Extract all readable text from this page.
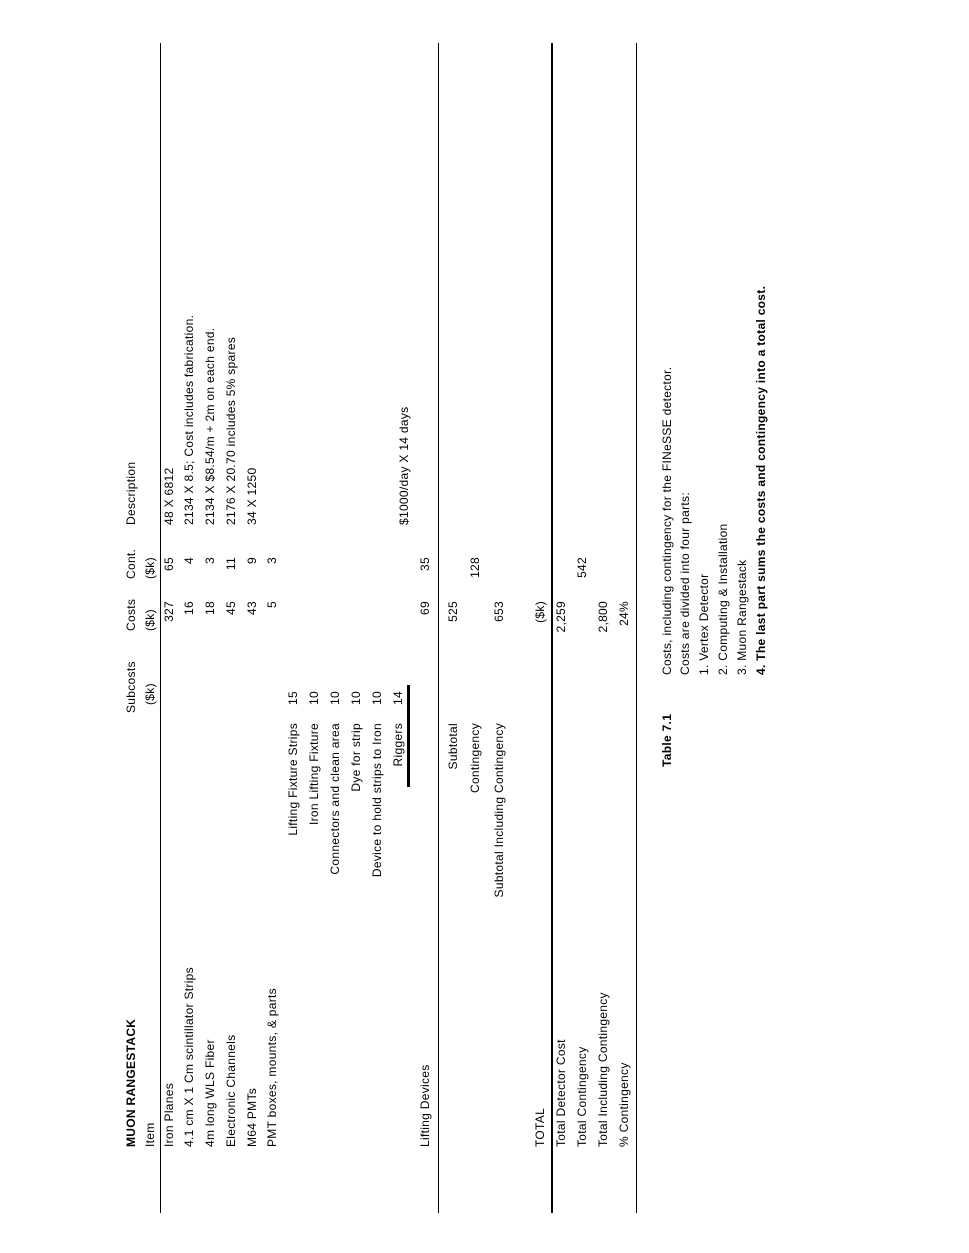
MUON RANGESTACK
Subcosts
Costs
Cont.
Description
Item
($k)
($k)
($k)
Iron Planes
327
65
48 X 6812
4.1 cm X 1 Cm scintillator Strips
16
4
2134 X 8.5; Cost includes fabrication.
4m long WLS Fiber
18
3
2134 X $8.54/m + 2m on each end.
Electronic Channels
45
11
2176 X 20.70 includes 5% spares
M64 PMTs
43
9
34 X 1250
PMT boxes, mounts, & parts
5
3
Lifting Fixture Strips
15
Iron Lifting Fixture
10
Connectors and clean area
10
Dye for strip
10
Device to hold strips to Iron
10
Riggers
14
Lifting Devices
69
35
$1000/day X 14 days
Subtotal
525
Contingency
128
Subtotal Including Contingency
653
TOTAL
($k)
Total Detector Cost
2,259
Total Contingency
542
Total Including Contingency
2,800
% Contingency
24%
Table 7.1
Costs, including contingency for the FINeSSE detector. Costs are divided into four parts: 1. Vertex Detector 2. Computing & Installation 3. Muon Rangestack 4. The last part sums the costs and contingency into a total cost.
